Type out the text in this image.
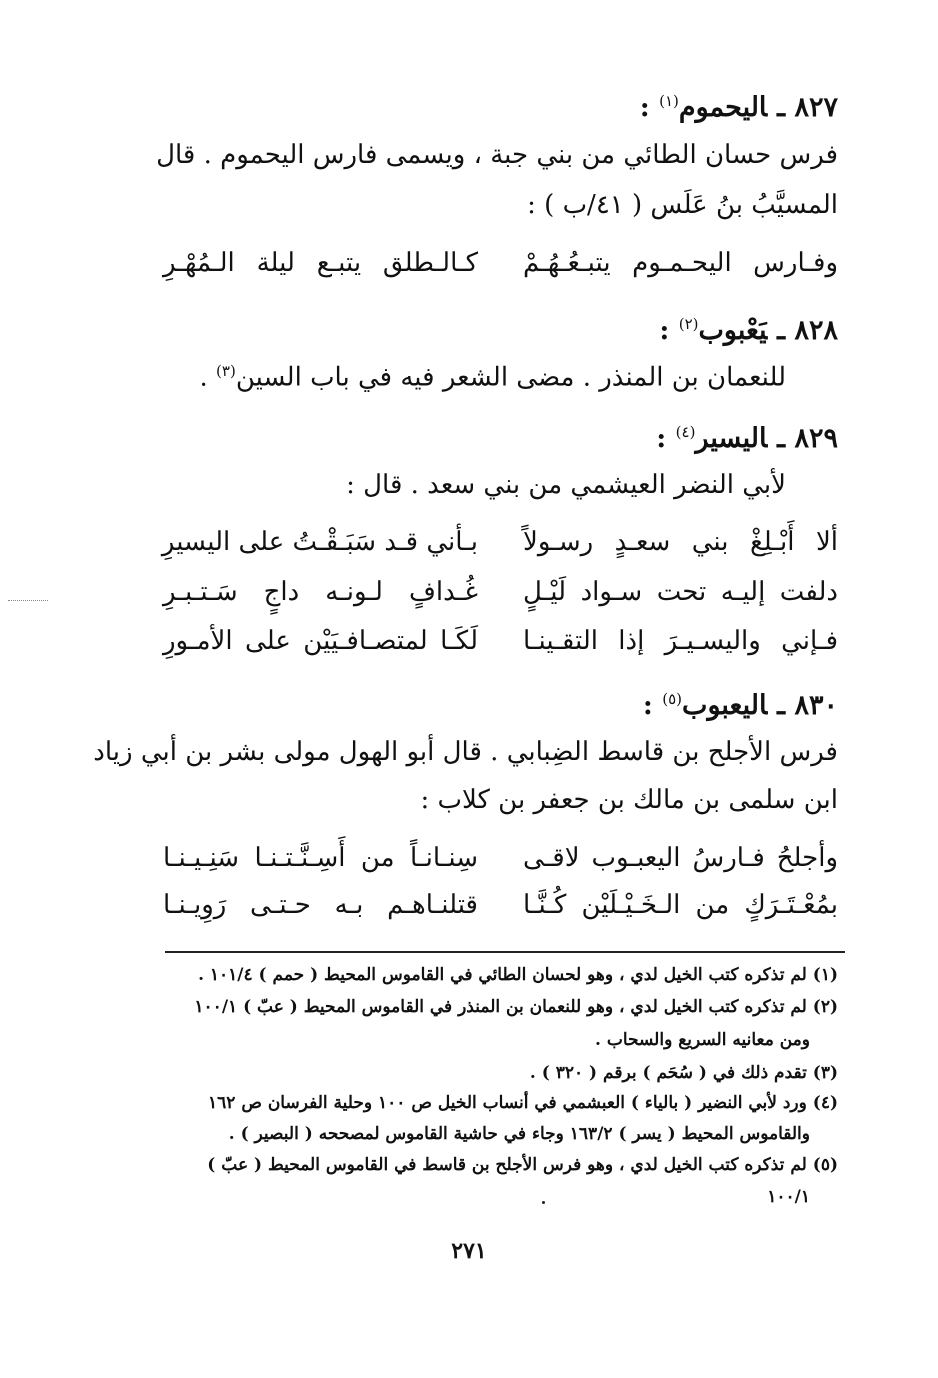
٨٢٧ ـاليحموم$^{(١)}$ :
فرس حسان الطائي من بني جبة ، ويسمى فارس اليحموم . قال
المسيَّبُ بنُ عَلَس ( ٤١/ب ) :
وفـارس اليحـمـوم يتبـعُـهُـمْ
كـالـطلق يتبـع ليلة الـمُهْـرِ
٨٢٨ ـيَعْبوب$^{(٢)}$ :
للنعمان بن المنذر . مضى الشعر فيه في باب السين$^{(٣)}$ .
٨٢٩ ـاليسير$^{(٤)}$ :
لأبي النضر العيشمي من بني سعد . قال :
ألا أَبْـلِغْ بني سعـدٍ رسـولاً
بـأني قـد سَبَـقْـتُ على اليسيرِ
دلفت إليـه تحت سـواد لَيْـلٍ
غُـدافٍ لـونـه داجٍ سَـتـبـرِ
فـإني واليسـيـرَ إذا التقـينـا
لَكَـا لمتصـافـيَيْن على الأمـورِ
٨٣٠ ـاليعبوب$^{(٥)}$ :
فرس الأجلح بن قاسط الضِبابي . قال أبو الهول مولى بشر بن أبي زياد
ابن سلمى بن مالك بن جعفر بن كلاب :
وأجلحُ فـارسُ اليعبـوب لاقـى
سِنـانـاً من أَسِـنَّـتـنـا سَنِـيـنـا
بمُعْـتَـرَكٍ من الـخَـيْـلَيْن كُـنَّـا
قتلنـاهـم بـه حـتـى رَوِيـنـا
(١) لم تذكره كتب الخيل لدي ، وهو لحسان الطائي في القاموس المحيط ( حمم ) ١٠١/٤ .
(٢) لم تذكره كتب الخيل لدي ، وهو للنعمان بن المنذر في القاموس المحيط ( عبّ ) ١٠٠/١
ومن معانيه السريع والسحاب .
(٣) تقدم ذلك في ( سُحَم ) برقم ( ٣٢٠ ) .
(٤) ورد لأبي النضير ( بالياء ) العبشمي في أنساب الخيل ص ١٠٠ وحلية الفرسان ص ١٦٢
والقاموس المحيط ( يسر ) ١٦٣/٢ وجاء في حاشية القاموس لمصححه ( البصير ) .
(٥) لم تذكره كتب الخيل لدي ، وهو فرس الأجلح بن قاسط في القاموس المحيط ( عبّ )
١٠٠/١
٢٧١
